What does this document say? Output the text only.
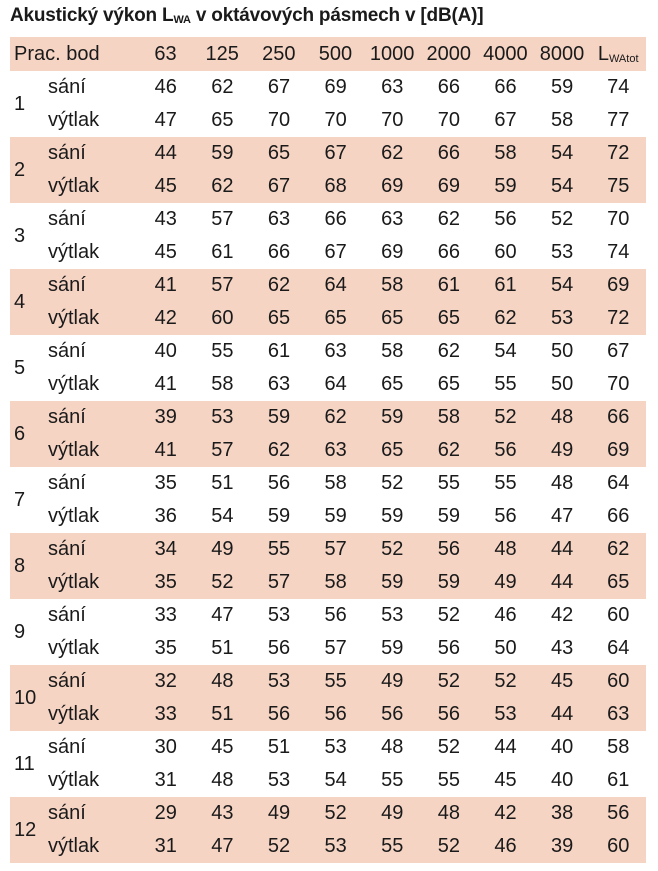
Akustický výkon $L_{WA}$ v oktávových pásmech v [dB(A)]
Prac. bod	63	125	250	500 1000 2000 4000 8000 $L_{WAtot}$
1
sání	46	62	67	69	63	66	66	59	74
výtlak	47	65	70	70	70	70	67	58	77
2
sání	44	59	65	67	62	66	58	54	72
výtlak	45	62	67	68	69	69	59	54	75
3
sání	43	57	63	66	63	62	56	52	70
výtlak	45	61	66	67	69	66	60	53	74
4
sání	41	57	62	64	58	61	61	54	69
výtlak	42	60	65	65	65	65	62	53	72
5
sání	40	55	61	63	58	62	54	50	67
výtlak	41	58	63	64	65	65	55	50	70
6
sání	39	53	59	62	59	58	52	48	66
výtlak	41	57	62	63	65	62	56	49	69
7
sání	35	51	56	58	52	55	55	48	64
výtlak	36	54	59	59	59	59	56	47	66
8
sání	34	49	55	57	52	56	48	44	62
výtlak	35	52	57	58	59	59	49	44	65
9
sání	33	47	53	56	53	52	46	42	60
výtlak	35	51	56	57	59	56	50	43	64
10
sání	32	48	53	55	49	52	52	45	60
výtlak	33	51	56	56	56	56	53	44	63
11
sání	30	45	51	53	48	52	44	40	58
výtlak	31	48	53	54	55	55	45	40	61
12
sání	29	43	49	52	49	48	42	38	56
výtlak	31	47	52	53	55	52	46	39	60
